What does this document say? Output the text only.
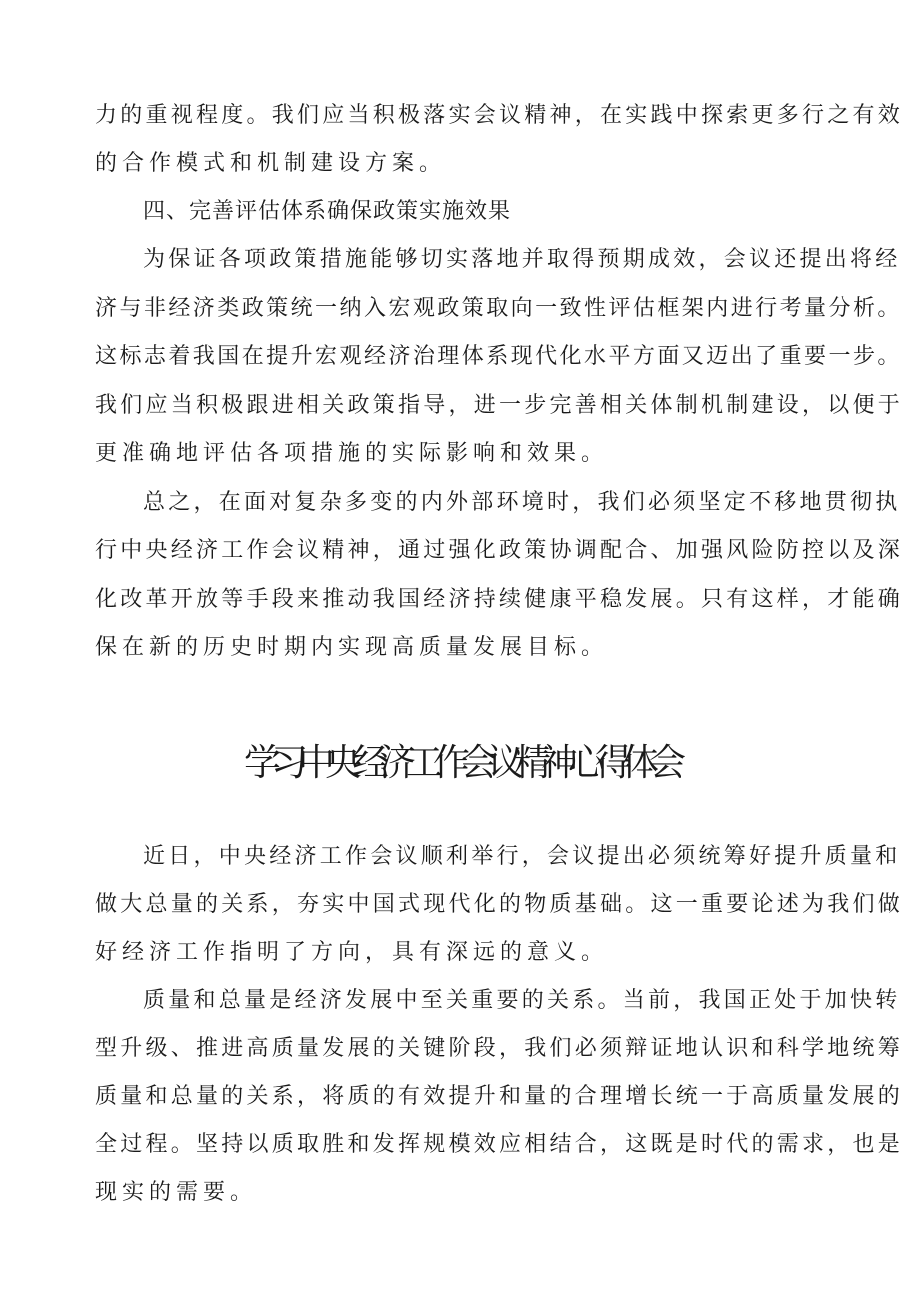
力的重视程度。我们应当积极落实会议精神，在实践中探索更多行之有效
的合作模式和机制建设方案。
四、完善评估体系确保政策实施效果
为保证各项政策措施能够切实落地并取得预期成效，会议还提出将经
济与非经济类政策统一纳入宏观政策取向一致性评估框架内进行考量分析。
这标志着我国在提升宏观经济治理体系现代化水平方面又迈出了重要一步。
我们应当积极跟进相关政策指导，进一步完善相关体制机制建设，以便于
更准确地评估各项措施的实际影响和效果。
总之，在面对复杂多变的内外部环境时，我们必须坚定不移地贯彻执
行中央经济工作会议精神，通过强化政策协调配合、加强风险防控以及深
化改革开放等手段来推动我国经济持续健康平稳发展。只有这样，才能确
保在新的历史时期内实现高质量发展目标。
学习中央经济工作会议精神心得体会
近日，中央经济工作会议顺利举行，会议提出必须统筹好提升质量和
做大总量的关系，夯实中国式现代化的物质基础。这一重要论述为我们做
好经济工作指明了方向，具有深远的意义。
质量和总量是经济发展中至关重要的关系。当前，我国正处于加快转
型升级、推进高质量发展的关键阶段，我们必须辩证地认识和科学地统筹
质量和总量的关系，将质的有效提升和量的合理增长统一于高质量发展的
全过程。坚持以质取胜和发挥规模效应相结合，这既是时代的需求，也是
现实的需要。
